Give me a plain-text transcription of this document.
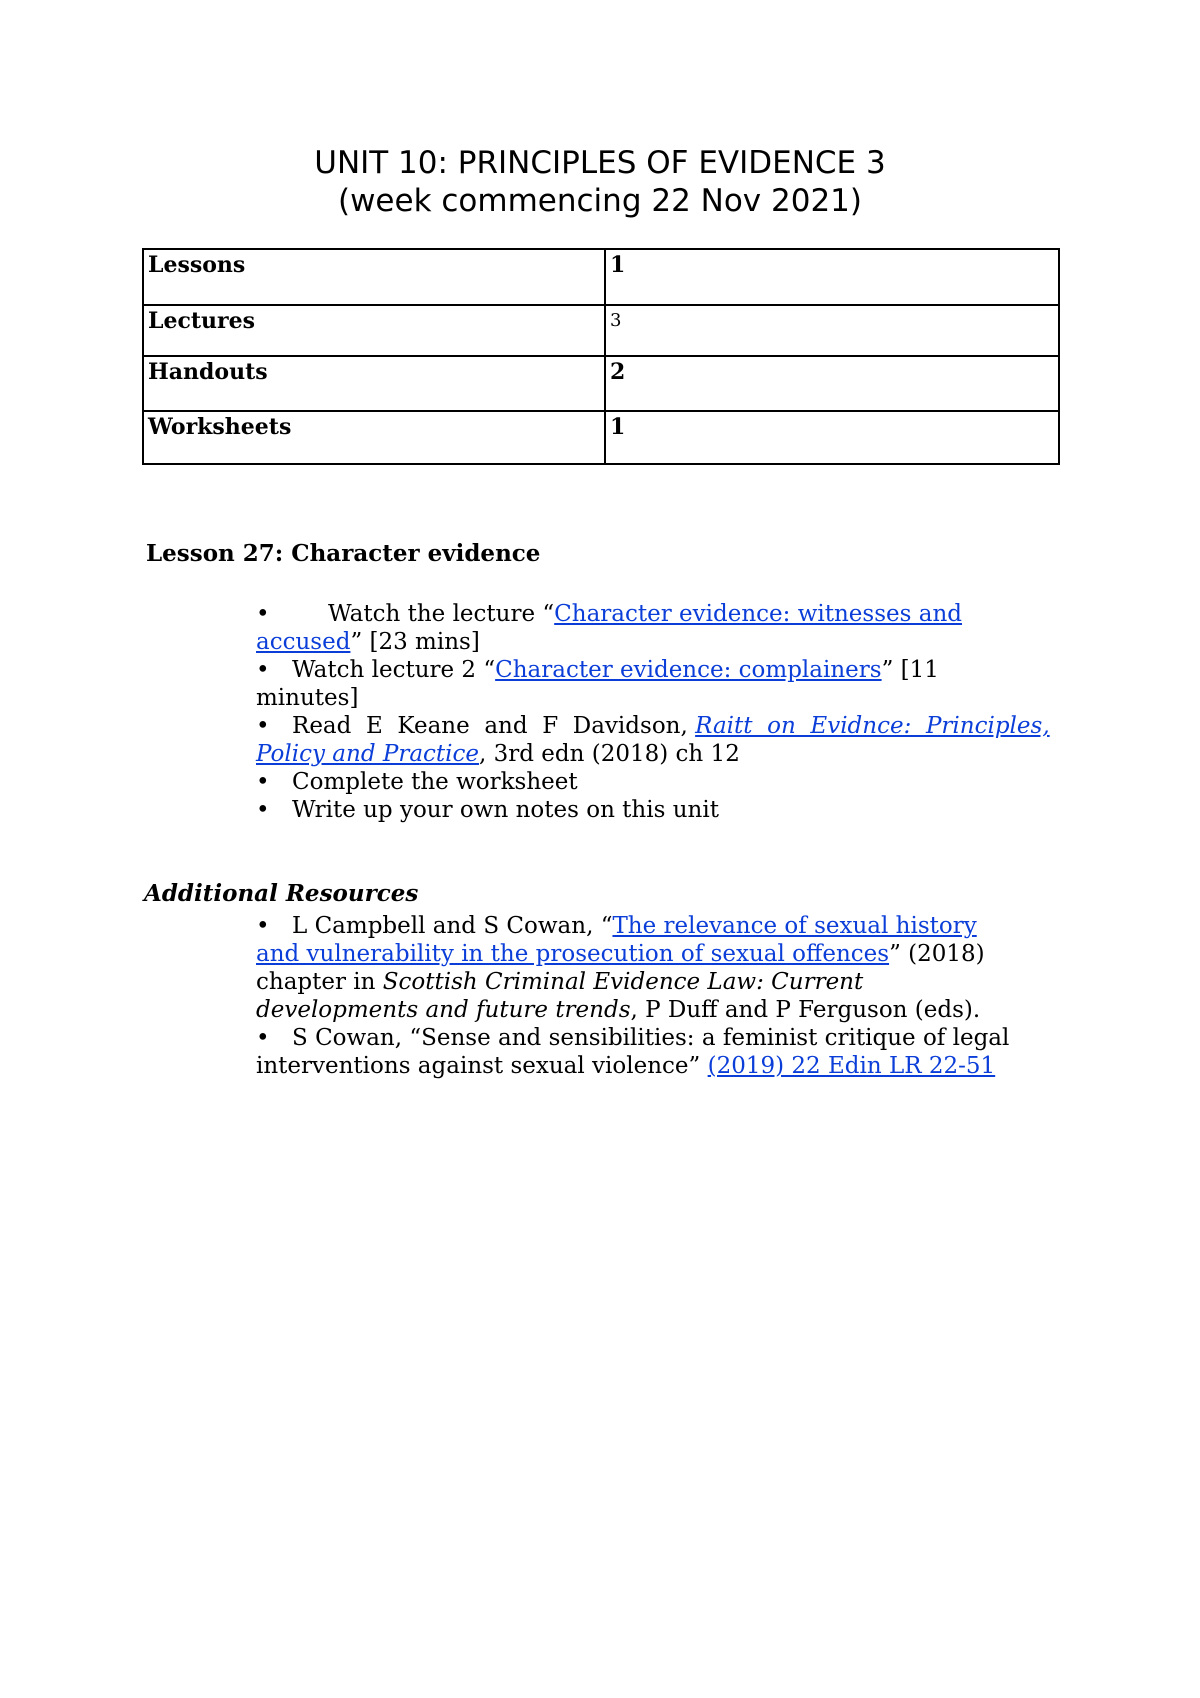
UNIT 10: PRINCIPLES OF EVIDENCE 3
(week commencing 22 Nov 2021)
Lessons	1
Lectures	3
Handouts	2
Worksheets	1
Lesson 27: Character evidence
•	Watch the lecture “Character evidence: witnesses and
accused” [23 mins]
• Watch lecture 2 “Character evidence: complainers” [11
minutes]
• Read  E  Keane  and  F  Davidson, Raitt  on  Evidnce:  Principles,
Policy and Practice, 3rd edn (2018) ch 12
• Complete the worksheet
• Write up your own notes on this unit
Additional Resources
• L Campbell and S Cowan, “The relevance of sexual history
and vulnerability in the prosecution of sexual offences” (2018)
chapter in Scottish Criminal Evidence Law: Current
developments and future trends, P Duff and P Ferguson (eds).
• S Cowan, “Sense and sensibilities: a feminist critique of legal
interventions against sexual violence” (2019) 22 Edin LR 22-51
